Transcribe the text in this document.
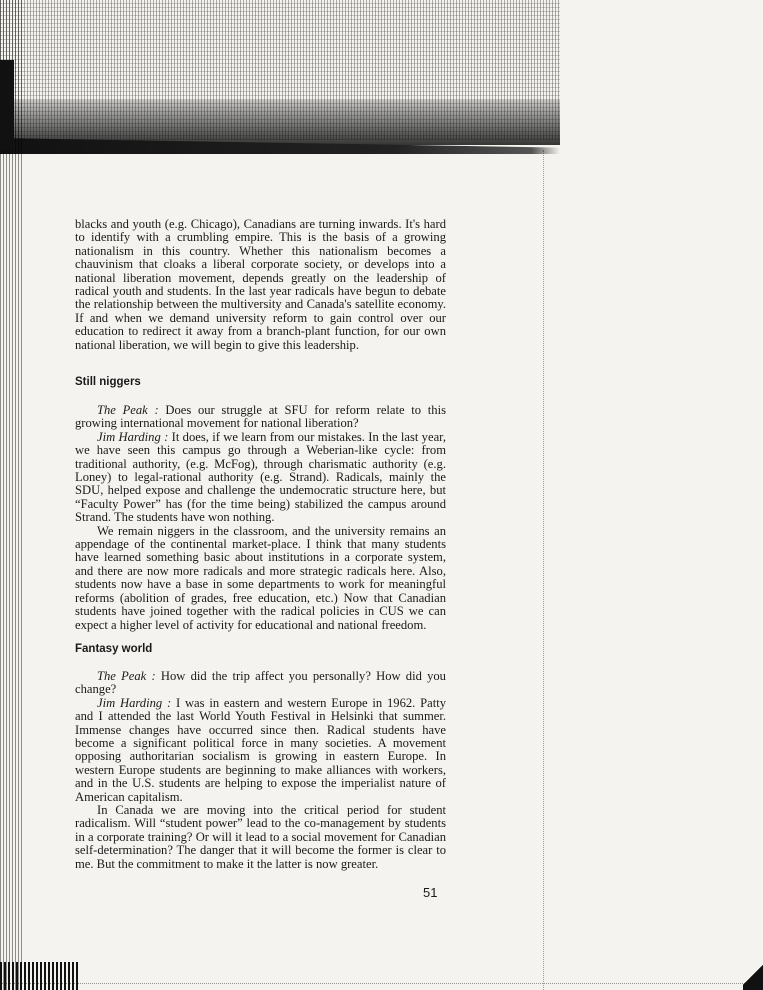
blacks and youth (e.g. Chicago), Canadians are turning inwards. It's hard to identify with a crumbling empire. This is the basis of a growing nationalism in this country. Whether this nationalism becomes a chauvinism that cloaks a liberal corporate society, or develops into a national liberation movement, depends greatly on the leadership of radical youth and students. In the last year radicals have begun to debate the relationship between the multiversity and Canada's satellite economy. If and when we demand university reform to gain control over our education to redirect it away from a branch-plant function, for our own national liberation, we will begin to give this leadership.

Still niggers

The Peak : Does our struggle at SFU for reform relate to this growing international movement for national liberation?

Jim Harding : It does, if we learn from our mistakes. In the last year, we have seen this campus go through a Weberian-like cycle: from traditional authority, (e.g. McFog), through charismatic authority (e.g. Loney) to legal-rational authority (e.g. Strand). Radicals, mainly the SDU, helped expose and challenge the undemocratic structure here, but “Faculty Power” has (for the time being) stabilized the campus around Strand. The students have won nothing.

We remain niggers in the classroom, and the university remains an appendage of the continental market-place. I think that many students have learned something basic about institutions in a corporate system, and there are now more radicals and more strategic radicals here. Also, students now have a base in some departments to work for meaningful reforms (abolition of grades, free education, etc.) Now that Canadian students have joined together with the radical policies in CUS we can expect a higher level of activity for educational and national freedom.

Fantasy world

The Peak : How did the trip affect you personally? How did you change?

Jim Harding : I was in eastern and western Europe in 1962. Patty and I attended the last World Youth Festival in Helsinki that summer. Immense changes have occurred since then. Radical students have become a significant political force in many societies. A movement opposing authoritarian socialism is growing in eastern Europe. In western Europe students are beginning to make alliances with workers, and in the U.S. students are helping to expose the imperialist nature of American capitalism.

In Canada we are moving into the critical period for student radicalism. Will “student power” lead to the co-management by students in a corporate training? Or will it lead to a social movement for Canadian self-determination? The danger that it will become the former is clear to me. But the commitment to make it the latter is now greater.

51
